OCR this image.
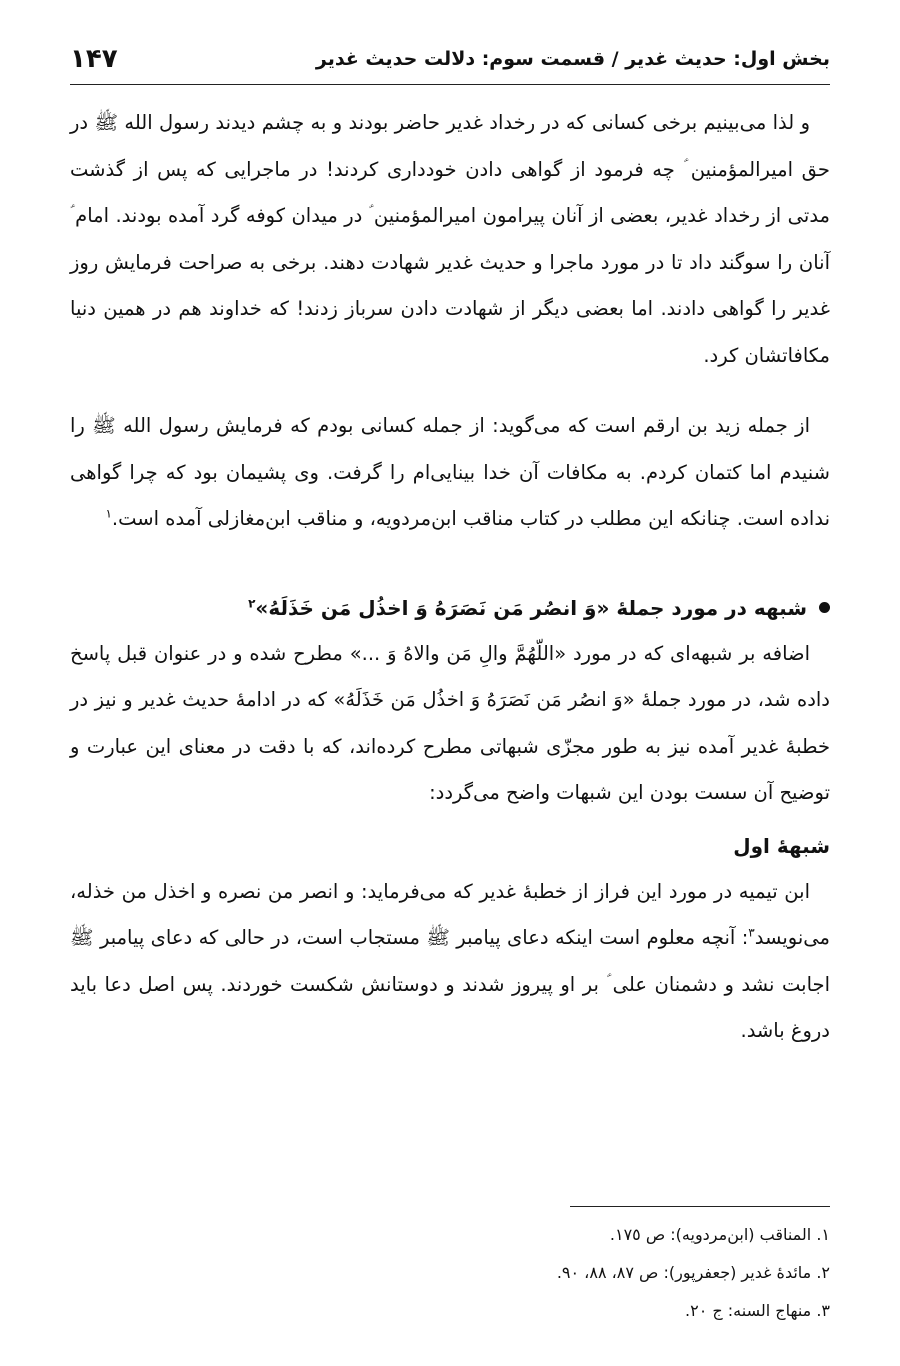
بخش اول: حدیث غدیر / قسمت سوم: دلالت حدیث غدیر
۱۴۷

و لذا می‌بینیم برخی کسانی که در رخداد غدیر حاضر بودند و به چشم دیدند رسول الله ﷺ در حق امیرالمؤمنین ؑ چه فرمود از گواهی دادن خودداری کردند! در ماجرایی که پس از گذشت مدتی از رخداد غدیر، بعضی از آنان پیرامون امیرالمؤمنین ؑ در میدان کوفه گرد آمده بودند. امام ؑ آنان را سوگند داد تا در مورد ماجرا و حدیث غدیر شهادت دهند. برخی به صراحت فرمایش روز غدیر را گواهی دادند. اما بعضی دیگر از شهادت دادن سرباز زدند! که خداوند هم در همین دنیا مکافاتشان کرد.

از جمله زید بن ارقم است که می‌گوید: از جمله کسانی بودم که فرمایش رسول الله ﷺ را شنیدم اما کتمان کردم. به مکافات آن خدا بینایی‌ام را گرفت. وی پشیمان بود که چرا گواهی نداده است. چنانکه این مطلب در کتاب مناقب ابن‌مردویه، و مناقب ابن‌مغازلی آمده است.$^١$

شبهه در مورد جملهٔ «وَ انصُر مَن نَصَرَهُ وَ اخذُل مَن خَذَلَهُ»$^٢$

اضافه بر شبهه‌ای که در مورد «اللّهُمَّ والِ مَن والاهُ وَ ...» مطرح شده و در عنوان قبل پاسخ داده شد، در مورد جملهٔ «وَ انصُر مَن نَصَرَهُ وَ اخذُل مَن خَذَلَهُ» که در ادامهٔ حدیث غدیر و نیز در خطبهٔ غدیر آمده نیز به طور مجزّی شبهاتی مطرح کرده‌اند، که با دقت در معنای این عبارت و توضیح آن سست بودن این شبهات واضح می‌گردد:

شبههٔ اول

ابن تیمیه در مورد این فراز از خطبهٔ غدیر که می‌فرماید: و انصر من نصره و اخذل من خذله، می‌نویسد$^٣$: آنچه معلوم است اینکه دعای پیامبر ﷺ مستجاب است، در حالی که دعای پیامبر ﷺ اجابت نشد و دشمنان علی ؑ بر او پیروز شدند و دوستانش شکست خوردند. پس اصل دعا باید دروغ باشد.

١. المناقب (ابن‌مردویه): ص ١٧٥.

٢. مائدهٔ غدیر (جعفرپور): ص ٨٧، ٨٨، ٩٠.

٣. منهاج السنه: ج ٢٠.
